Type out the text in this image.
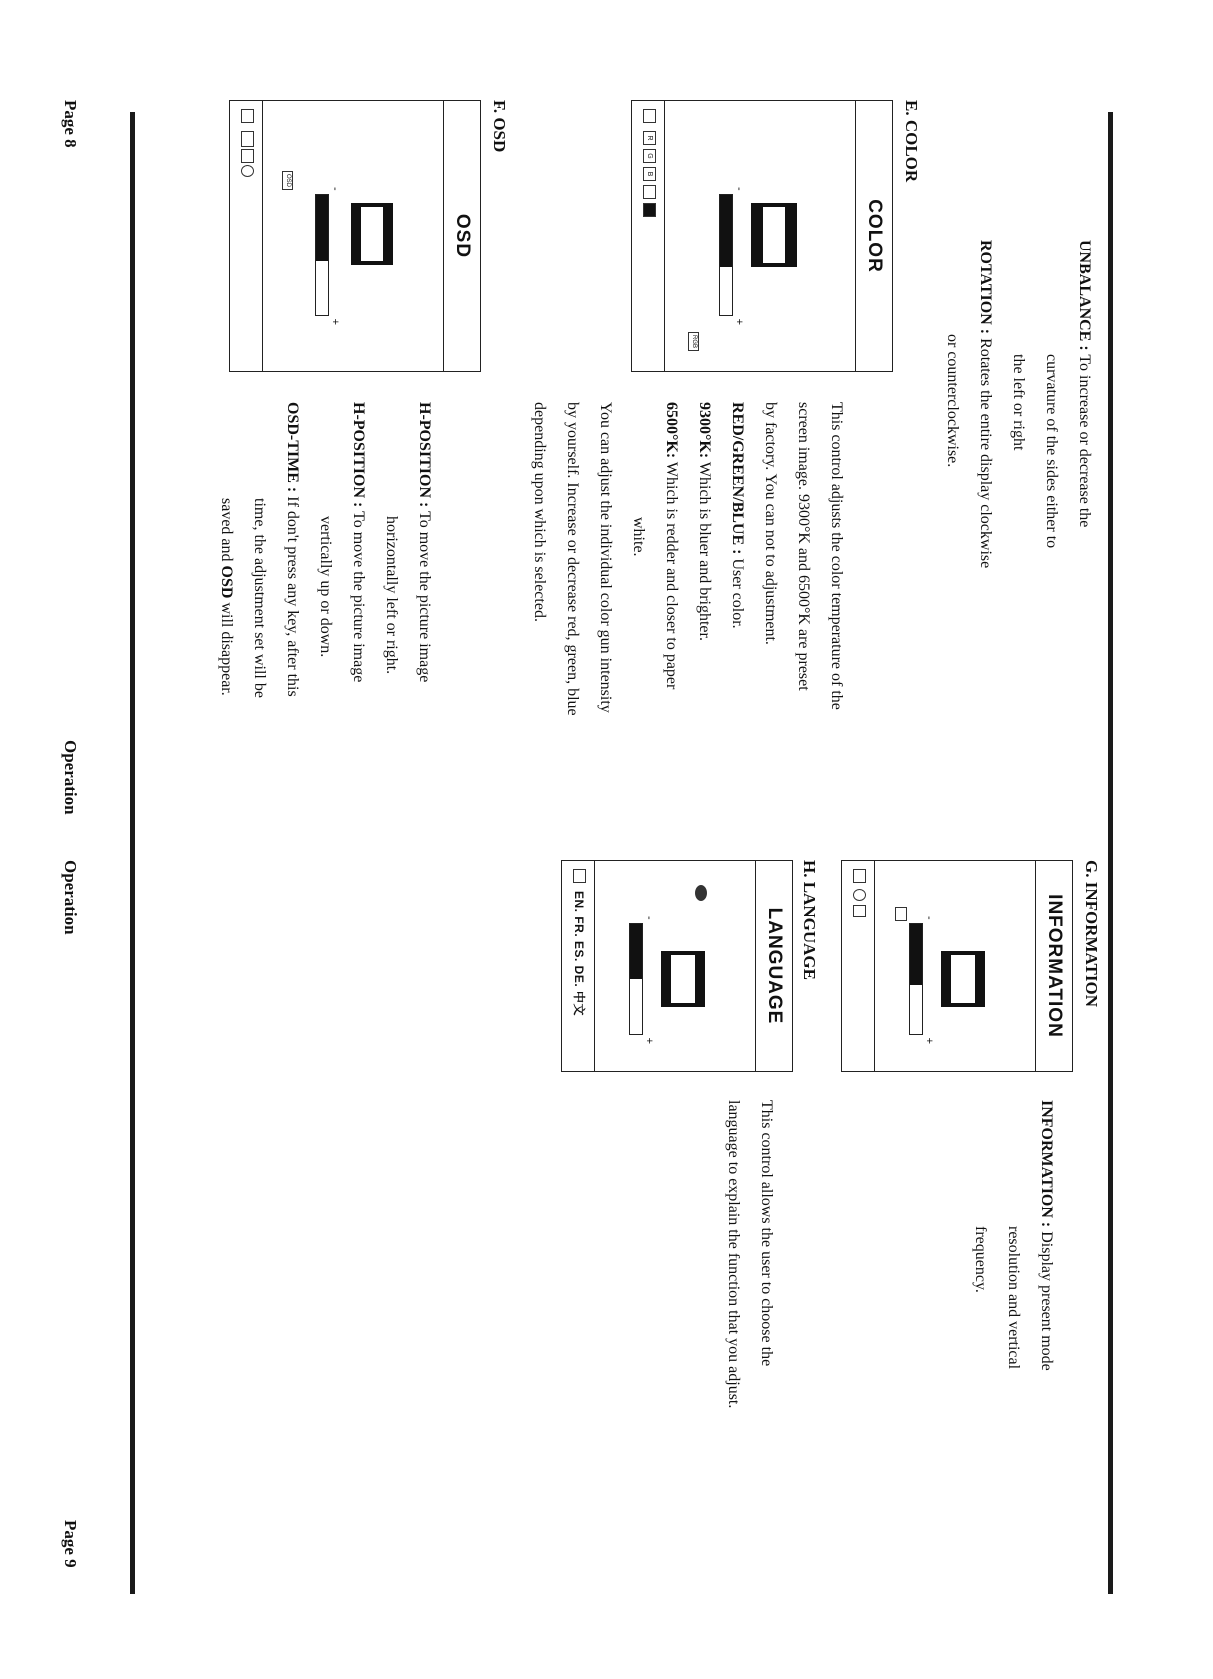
UNBALANCE : To increase or decrease the
curvature of the sides either to
the left or right
ROTATION : Rotates the entire display clockwise
or counterclockwise.
E. COLOR
COLOR
-
+
RGB
R
G
B
This control adjusts the color temperature of the
screen image. 9300°K and 6500°K are preset
by factory. You can not to adjustment.
RED/GREEN/BLUE : User color.
9300°K: Which is bluer and brighter.
6500°K: Which is redder and closer to paper
white.
You can adjust the individual color gun intensity
by yourself. Increase or decrease red, green, blue
depending upon which is selected.
F. OSD
OSD
-
+
OSD
H-POSITION : To move the picture image
horizontally left or right.
H-POSITION : To move the picture image
vertically up or down.
OSD-TIME : If don't press any key, after this
time, the adjustment set will be
saved and OSD will disappear.
Page 8
Operation
G. INFORMATION
INFORMATION
-
+
INFORMATION : Display present mode
resolution and vertical
frequency.
H. LANGUAGE
LANGUAGE
-
+
EN. FR. ES. DE. 中文
This control allows the user to choose the
language to explain the function that you adjust.
Operation
Page 9
